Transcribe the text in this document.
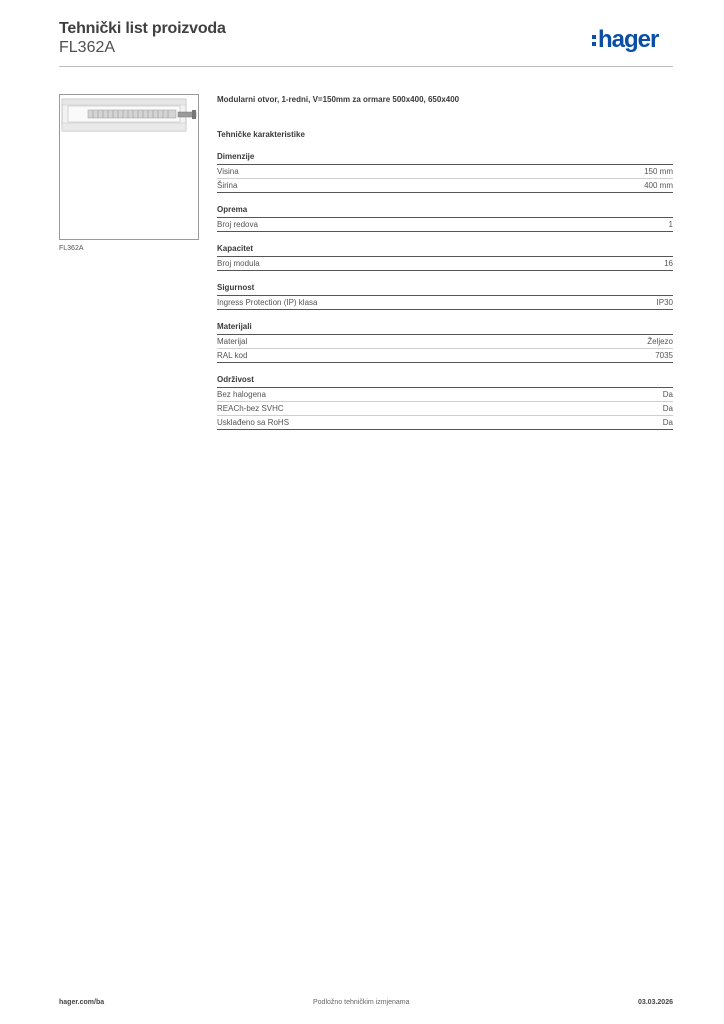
Tehnički list proizvoda
FL362A	hager
FL362A
Modularni otvor, 1-redni, V=150mm za ormare 500x400, 650x400
Tehničke karakteristike
Dimenzije
Visina	150 mm
Širina	400 mm
Oprema
Broj redova	1
Kapacitet
Broj modula	16
Sigurnost
Ingress Protection (IP) klasa	IP30
Materijali
Materijal	Željezo
RAL kod	7035
Održivost
Bez halogena	Da
REACh-bez SVHC	Da
Usklađeno sa RoHS	Da
hager.com/ba	Podložno tehničkim izmjenama	03.03.2026
